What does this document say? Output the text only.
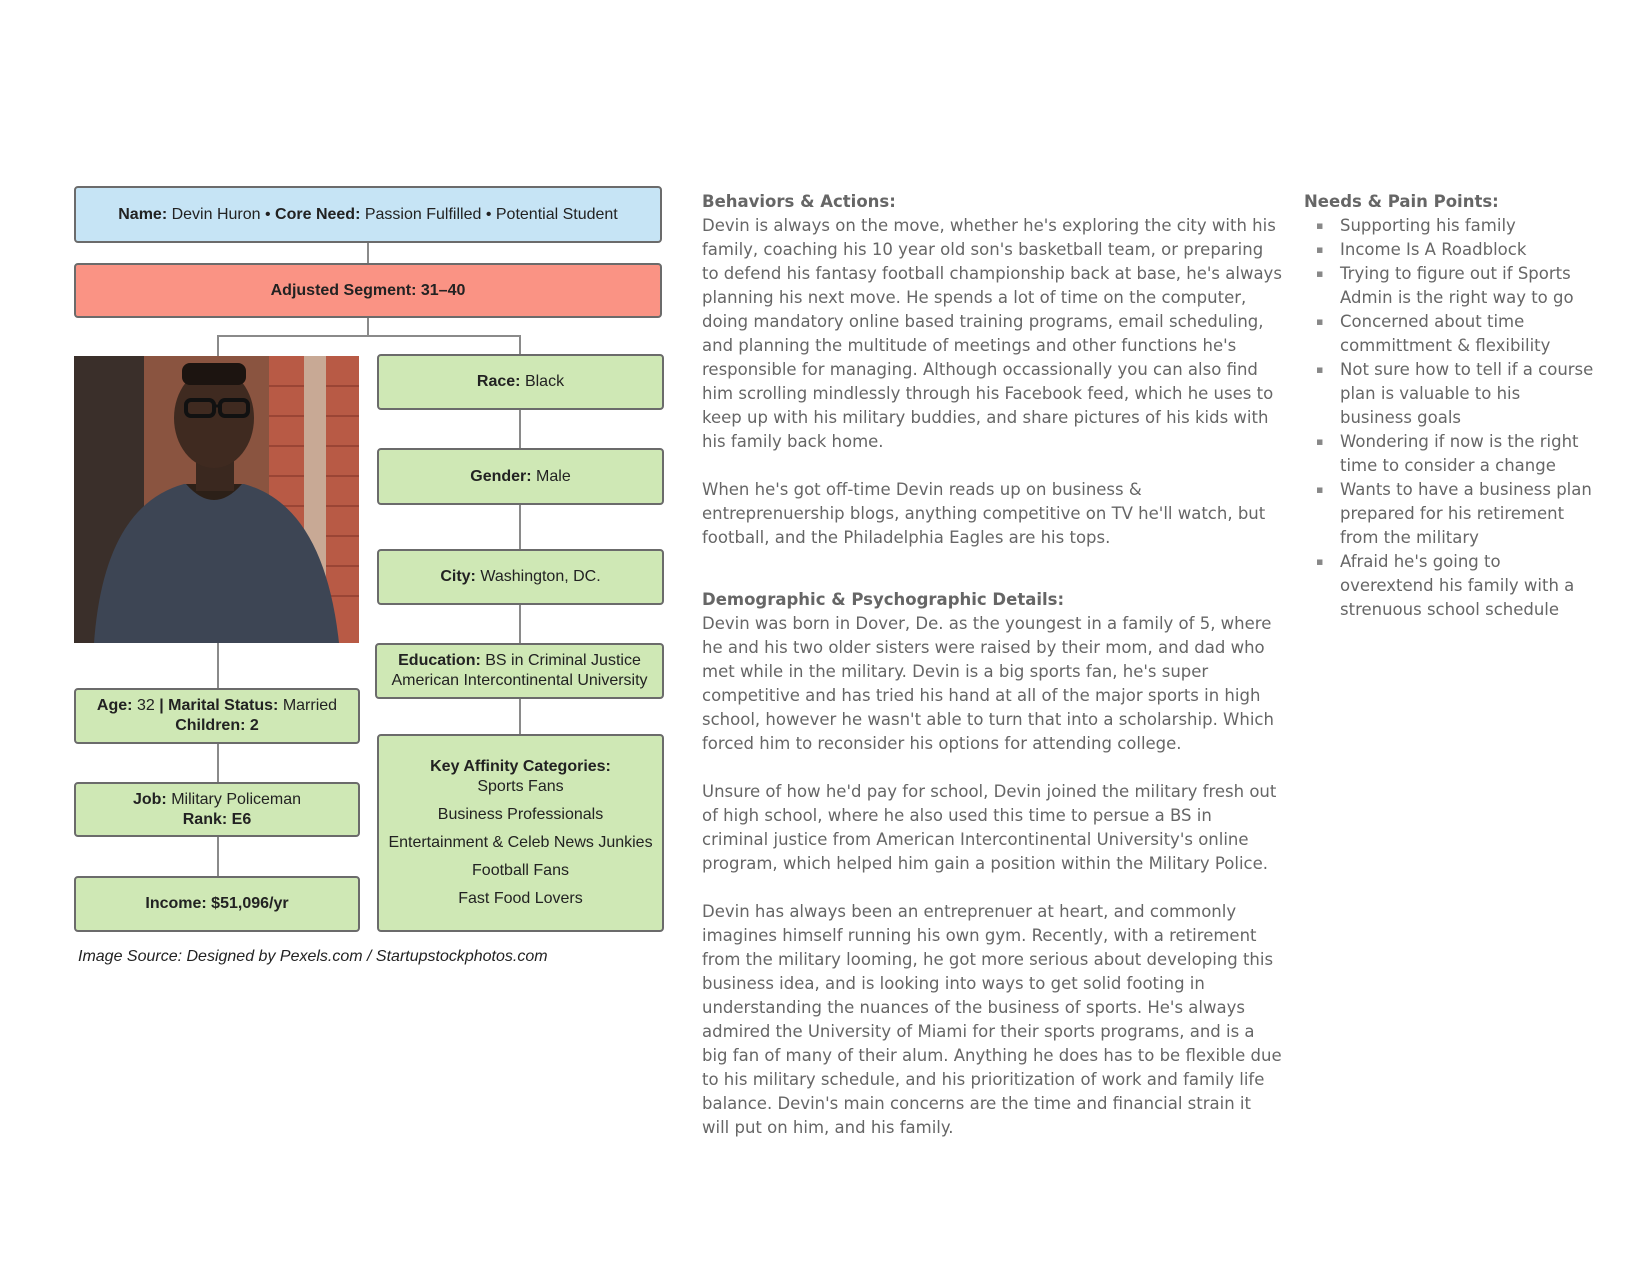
Name: Devin Huron • Core Need: Passion Fulfilled • Potential Student
Adjusted Segment: 31–40
Race: Black
Gender: Male
City: Washington, DC.
Education: BS in Criminal Justice
American Intercontinental University
Key Affinity Categories:
Sports Fans
Business Professionals
Entertainment & Celeb News Junkies
Football Fans
Fast Food Lovers
Age: 32 | Marital Status: Married
Children: 2
Job: Military Policeman
Rank: E6
Income: $51,096/yr
Image Source: Designed by Pexels.com / Startupstockphotos.com
Behaviors & Actions:

Devin is always on the move, whether he's exploring the city with his family, coaching his 10 year old son's basketball team, or preparing to defend his fantasy football championship back at base, he's always planning his next move. He spends a lot of time on the computer, doing mandatory online based training programs, email scheduling, and planning the multitude of meetings and other functions he's responsible for managing. Although occassionally you can also find him scrolling mindlessly through his Facebook feed, which he uses to keep up with his military buddies, and share pictures of his kids with his family back home.

When he's got off-time Devin reads up on business & entreprenuership blogs, anything competitive on TV he'll watch, but football, and the Philadelphia Eagles are his tops.

Demographic & Psychographic Details:

Devin was born in Dover, De. as the youngest in a family of 5, where he and his two older sisters were raised by their mom, and dad who met while in the military. Devin is a big sports fan, he's super competitive and has tried his hand at all of the major sports in high school, however he wasn't able to turn that into a scholarship. Which forced him to reconsider his options for attending college.

Unsure of how he'd pay for school, Devin joined the military fresh out of high school, where he also used this time to persue a BS in criminal justice from American Intercontinental University's online program, which helped him gain a position within the Military Police.

Devin has always been an entreprenuer at heart, and commonly imagines himself running his own gym. Recently, with a retirement from the military looming, he got more serious about developing this business idea, and is looking into ways to get solid footing in understanding the nuances of the business of sports. He's always admired the University of Miami for their sports programs, and is a big fan of many of their alum. Anything he does has to be flexible due to his military schedule, and his prioritization of work and family life balance. Devin's main concerns are the time and financial strain it will put on him, and his family.

Needs & Pain Points:
▪ Supporting his family
▪ Income Is A Roadblock
▪ Trying to figure out if Sports Admin is the right way to go
▪ Concerned about time committment & flexibility
▪ Not sure how to tell if a course plan is valuable to his business goals
▪ Wondering if now is the right time to consider a change
▪ Wants to have a business plan prepared for his retirement from the military
▪ Afraid he's going to overextend his family with a strenuous school schedule
